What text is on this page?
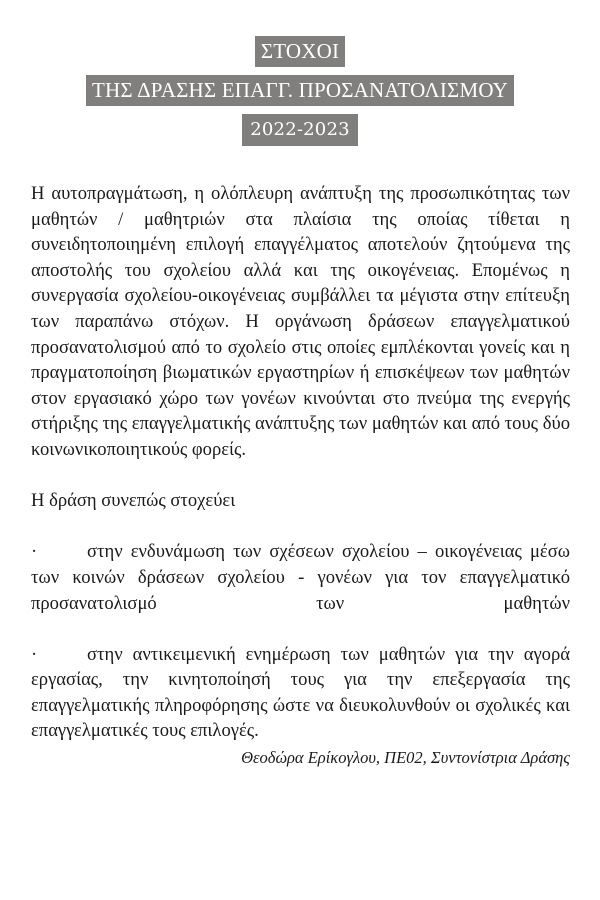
ΣΤΟΧΟΙ
ΤΗΣ ΔΡΑΣΗΣ ΕΠΑΓΓ. ΠΡΟΣΑΝΑΤΟΛΙΣΜΟΥ
2022-2023

Η αυτοπραγμάτωση, η ολόπλευρη ανάπτυξη της προσωπικότητας των μαθητών / μαθητριών στα πλαίσια της οποίας τίθεται η συνειδητοποιημένη επιλογή επαγγέλματος αποτελούν ζητούμενα της αποστολής του σχολείου αλλά και της οικογένειας. Επομένως η συνεργασία σχολείου-οικογένειας συμβάλλει τα μέγιστα στην επίτευξη των παραπάνω στόχων. Η οργάνωση δράσεων επαγγελματικού προσανατολισμού από το σχολείο στις οποίες εμπλέκονται γονείς και η πραγματοποίηση βιωματικών εργαστηρίων ή επισκέψεων των μαθητών στον εργασιακό χώρο των γονέων κινούνται στο πνεύμα της ενεργής στήριξης της επαγγελματικής ανάπτυξης των μαθητών και από τους δύο κοινωνικοποιητικούς φορείς.

Η δράση συνεπώς στοχεύει

·	στην ενδυνάμωση των σχέσεων σχολείου – οικογένειας μέσω των κοινών δράσεων σχολείου - γονέων για τον επαγγελματικό προσανατολισμό των μαθητών

·	στην αντικειμενική ενημέρωση των μαθητών για την αγορά εργασίας, την κινητοποίησή τους για την επεξεργασία της επαγγελματικής πληροφόρησης ώστε να διευκολυνθούν οι σχολικές και επαγγελματικές τους επιλογές.

Θεοδώρα Ερίκογλου, ΠΕ02, Συντονίστρια Δράσης
